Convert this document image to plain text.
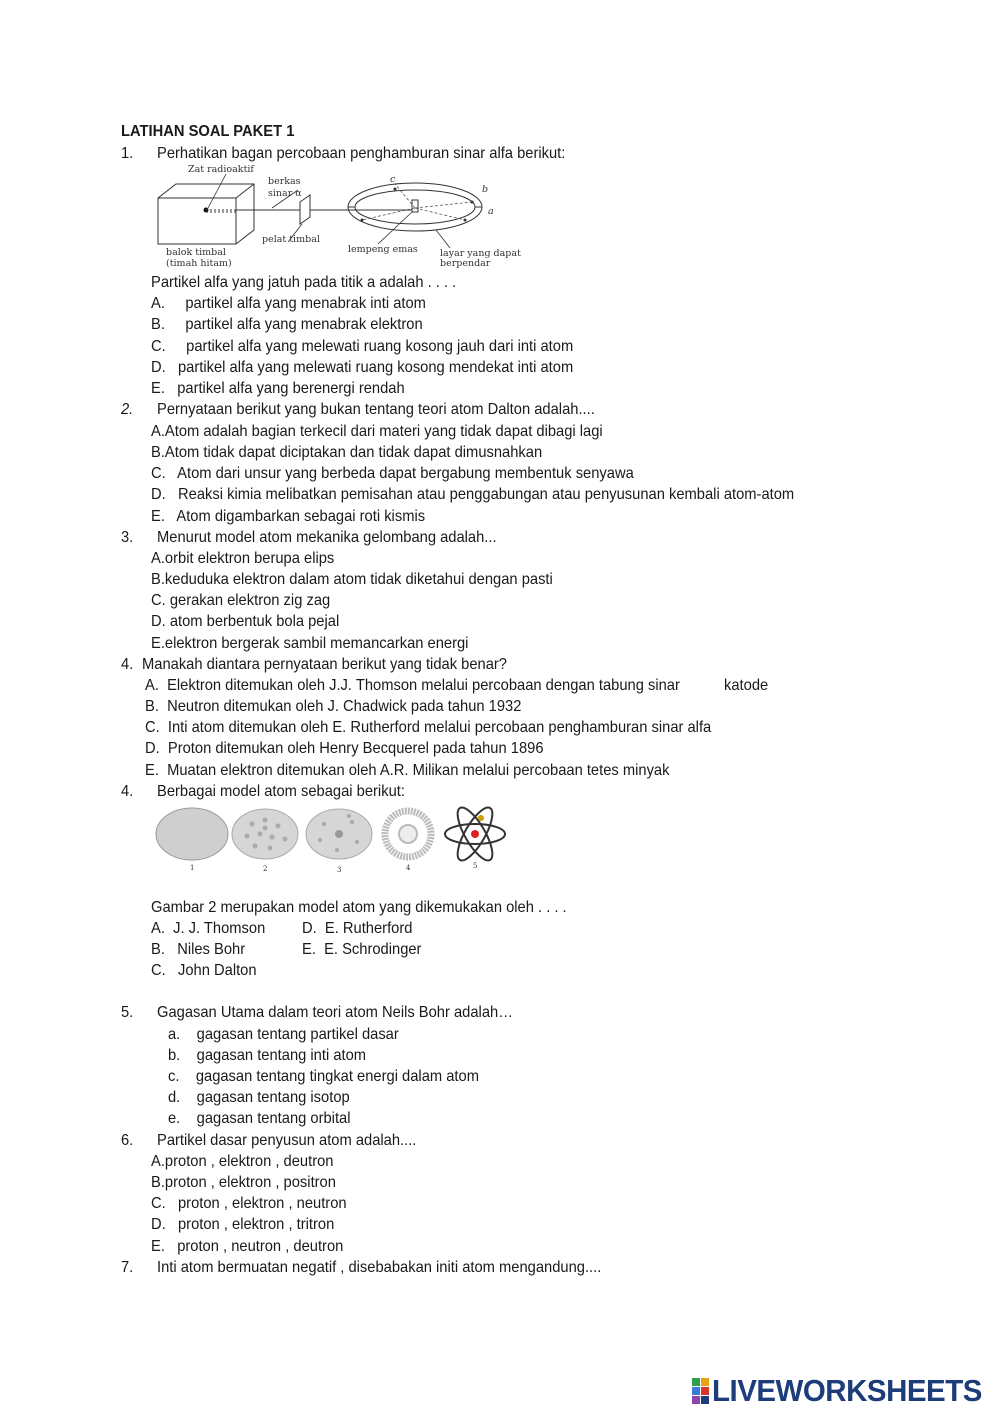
LATIHAN SOAL PAKET 1
1. Perhatikan bagan percobaan penghamburan sinar alfa berikut:
Zat radioaktif
berkas
sinar α
balok timbal
(timah hitam)
pelat timbal
lempeng emas layar yang dapat
berpendar
a
b
c
Partikel alfa yang jatuh pada titik a adalah . . . .
A. partikel alfa yang menabrak inti atom
B. partikel alfa yang menabrak elektron
C. partikel alfa yang melewati ruang kosong jauh dari inti atom
D. partikel alfa yang melewati ruang kosong mendekat inti atom
E. partikel alfa yang berenergi rendah
2. Pernyataan berikut yang bukan tentang teori atom Dalton adalah....
A.Atom adalah bagian terkecil dari materi yang tidak dapat dibagi lagi
B.Atom tidak dapat diciptakan dan tidak dapat dimusnahkan
C. Atom dari unsur yang berbeda dapat bergabung membentuk senyawa
D. Reaksi kimia melibatkan pemisahan atau penggabungan atau penyusunan kembali atom-atom
E. Atom digambarkan sebagai roti kismis
3. Menurut model atom mekanika gelombang adalah...
A.orbit elektron berupa elips
B.keduduka elektron dalam atom tidak diketahui dengan pasti
C. gerakan elektron zig zag
D. atom berbentuk bola pejal
E.elektron bergerak sambil memancarkan energi
4. Manakah diantara pernyataan berikut yang tidak benar?
A. Elektron ditemukan oleh J.J. Thomson melalui percobaan dengan tabung sinar	katode
B. Neutron ditemukan oleh J. Chadwick pada tahun 1932
C. Inti atom ditemukan oleh E. Rutherford melalui percobaan penghamburan sinar alfa
D. Proton ditemukan oleh Henry Becquerel pada tahun 1896
E. Muatan elektron ditemukan oleh A.R. Milikan melalui percobaan tetes minyak
4. Berbagai model atom sebagai berikut:
1	2	3	4	5
Gambar 2 merupakan model atom yang dikemukakan oleh . . . .
A. J. J. Thomson	D. E. Rutherford
B. Niles Bohr	E. E. Schrodinger
C. John Dalton
5. Gagasan Utama dalam teori atom Neils Bohr adalah…
a. gagasan tentang partikel dasar
b. gagasan tentang inti atom
c. gagasan tentang tingkat energi dalam atom
d. gagasan tentang isotop
e. gagasan tentang orbital
6. Partikel dasar penyusun atom adalah....
A.proton , elektron , deutron
B.proton , elektron , positron
C. proton , elektron , neutron
D. proton , elektron , tritron
E. proton , neutron , deutron
7. Inti atom bermuatan negatif , disebabakan initi atom mengandung....
LIVEWORKSHEETS
